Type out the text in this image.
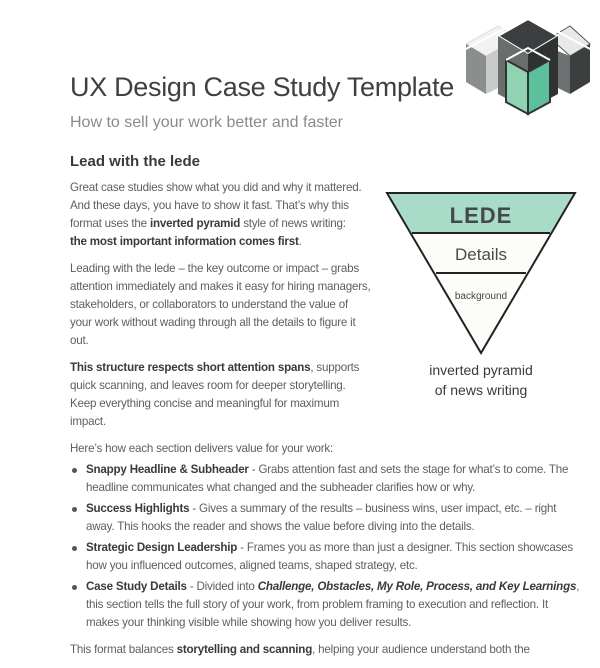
UX Design Case Study Template
How to sell your work better and faster
Lead with the lede
LEDE
Details
background
inverted pyramid
of news writing
Great case studies show what you did and why it mattered. And these days, you have to show it fast. That’s why this format uses the inverted pyramid style of news writing:
the most important information comes first.
Leading with the lede – the key outcome or impact – grabs attention immediately and makes it easy for hiring managers, stakeholders, or collaborators to understand the value of your work without wading through all the details to figure it out.
This structure respects short attention spans, supports quick scanning, and leaves room for deeper storytelling. Keep everything concise and meaningful for maximum impact.
Here’s how each section delivers value for your work:
Snappy Headline & Subheader - Grabs attention fast and sets the stage for what’s to come. The headline communicates what changed and the subheader clarifies how or why.
Success Highlights - Gives a summary of the results – business wins, user impact, etc. – right away. This hooks the reader and shows the value before diving into the details.
Strategic Design Leadership - Frames you as more than just a designer. This section showcases how you influenced outcomes, aligned teams, shaped strategy, etc.
Case Study Details - Divided into Challenge, Obstacles, My Role, Process, and Key Learnings, this section tells the full story of your work, from problem framing to execution and reflection. It makes your thinking visible while showing how you deliver results.
This format balances storytelling and scanning, helping your audience understand both the
